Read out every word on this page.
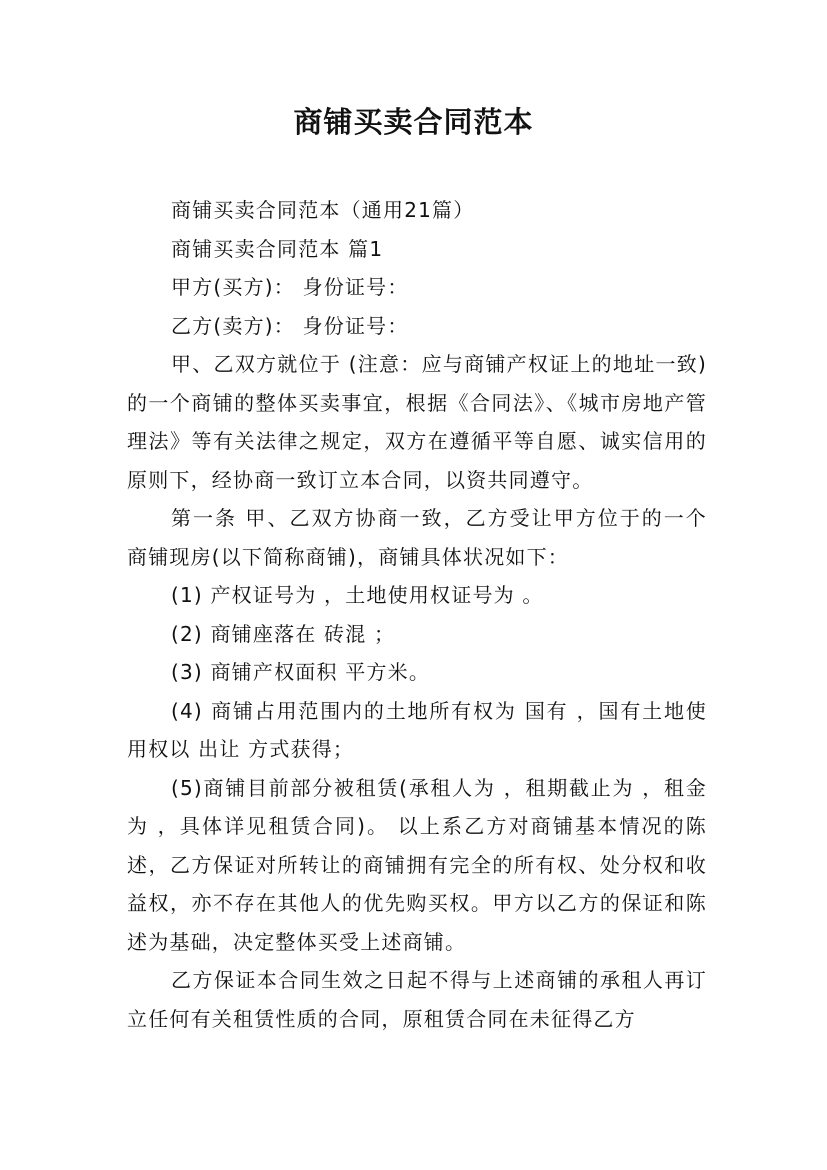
商铺买卖合同范本

商铺买卖合同范本（通用21篇）

商铺买卖合同范本 篇1

甲方(买方)： 身份证号：

乙方(卖方)： 身份证号：

甲、乙双方就位于 (注意：应与商铺产权证上的地址一致)的一个商铺的整体买卖事宜，根据《合同法》、《城市房地产管理法》等有关法律之规定，双方在遵循平等自愿、诚实信用的原则下，经协商一致订立本合同，以资共同遵守。

第一条 甲、乙双方协商一致，乙方受让甲方位于的一个商铺现房(以下简称商铺)，商铺具体状况如下：

(1) 产权证号为 ，土地使用权证号为 。

(2) 商铺座落在 砖混 ；

(3) 商铺产权面积 平方米。

(4) 商铺占用范围内的土地所有权为 国有 ，国有土地使用权以 出让 方式获得；

(5)商铺目前部分被租赁(承租人为 ，租期截止为 ，租金为 ，具体详见租赁合同)。 以上系乙方对商铺基本情况的陈述，乙方保证对所转让的商铺拥有完全的所有权、处分权和收益权，亦不存在其他人的优先购买权。甲方以乙方的保证和陈述为基础，决定整体买受上述商铺。

乙方保证本合同生效之日起不得与上述商铺的承租人再订立任何有关租赁性质的合同，原租赁合同在未征得乙方
